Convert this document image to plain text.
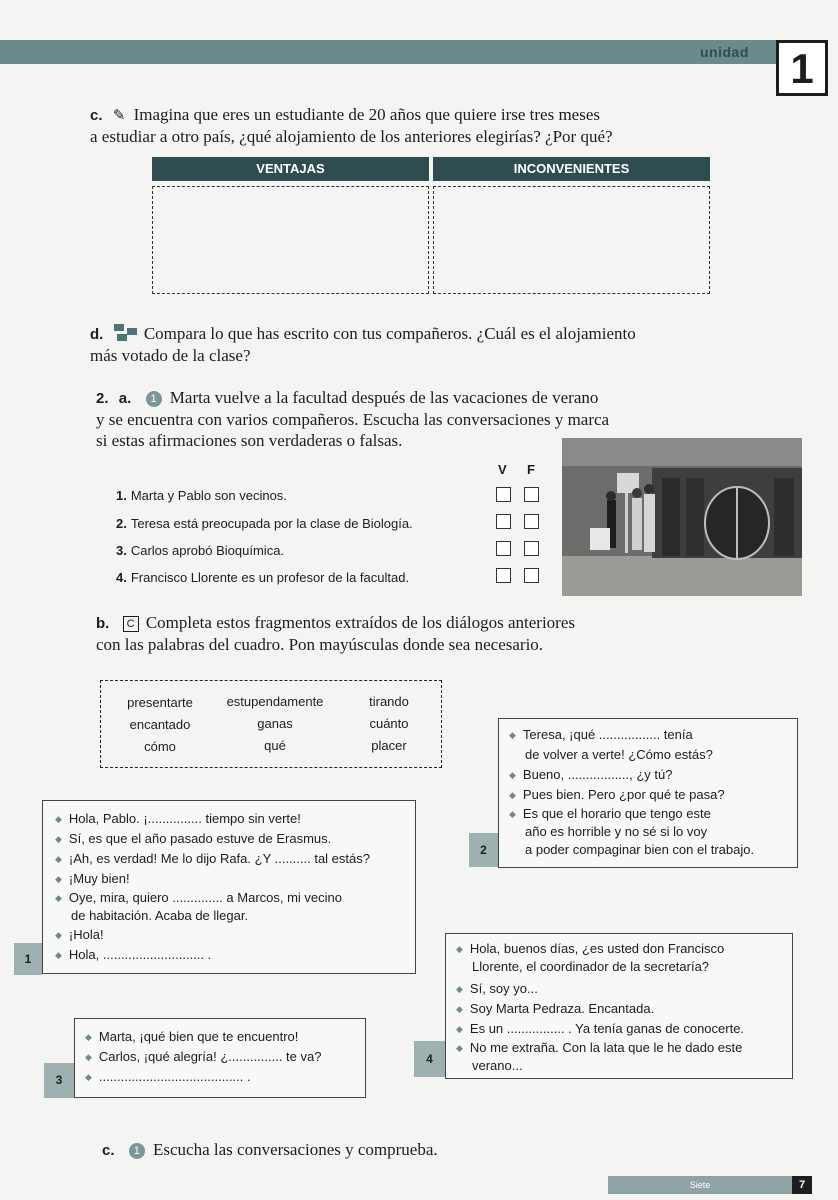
unidad 1
c. ✎ Imagina que eres un estudiante de 20 años que quiere irse tres meses
a estudiar a otro país, ¿qué alojamiento de los anteriores elegirías? ¿Por qué?
VENTAJAS	INCONVENIENTES
d. Compara lo que has escrito con tus compañeros. ¿Cuál es el alojamiento
más votado de la clase?
2. a. 1 Marta vuelve a la facultad después de las vacaciones de verano
y se encuentra con varios compañeros. Escucha las conversaciones y marca
si estas afirmaciones son verdaderas o falsas.
V F
1. Marta y Pablo son vecinos.
2. Teresa está preocupada por la clase de Biología.
3. Carlos aprobó Bioquímica.
4. Francisco Llorente es un profesor de la facultad.
b. C Completa estos fragmentos extraídos de los diálogos anteriores
con las palabras del cuadro. Pon mayúsculas donde sea necesario.
presentarte	estupendamente	tirando
encantado	ganas	cuánto
cómo	qué	placer
◆ Teresa, ¡qué ................. tenía
de volver a verte! ¿Cómo estás?
◆ Bueno, ................., ¿y tú?
◆ Pues bien. Pero ¿por qué te pasa?
◆ Es que el horario que tengo este
año es horrible y no sé si lo voy
a poder compaginar bien con el trabajo.
2
◆ Hola, Pablo. ¡............... tiempo sin verte!
◆ Sí, es que el año pasado estuve de Erasmus.
◆ ¡Ah, es verdad! Me lo dijo Rafa. ¿Y .......... tal estás?
◆ ¡Muy bien!
◆ Oye, mira, quiero .............. a Marcos, mi vecino
de habitación. Acaba de llegar.
◆ ¡Hola!
◆ Hola, ............................ .
1
◆ Hola, buenos días, ¿es usted don Francisco
Llorente, el coordinador de la secretaría?
◆ Sí, soy yo...
◆ Soy Marta Pedraza. Encantada.
◆ Es un ................ . Ya tenía ganas de conocerte.
◆ No me extraña. Con la lata que le he dado este
verano...
4
◆ Marta, ¡qué bien que te encuentro!
◆ Carlos, ¡qué alegría! ¿............... te va?
◆ ........................................ .
3
c. 1 Escucha las conversaciones y comprueba.
Siete	7
